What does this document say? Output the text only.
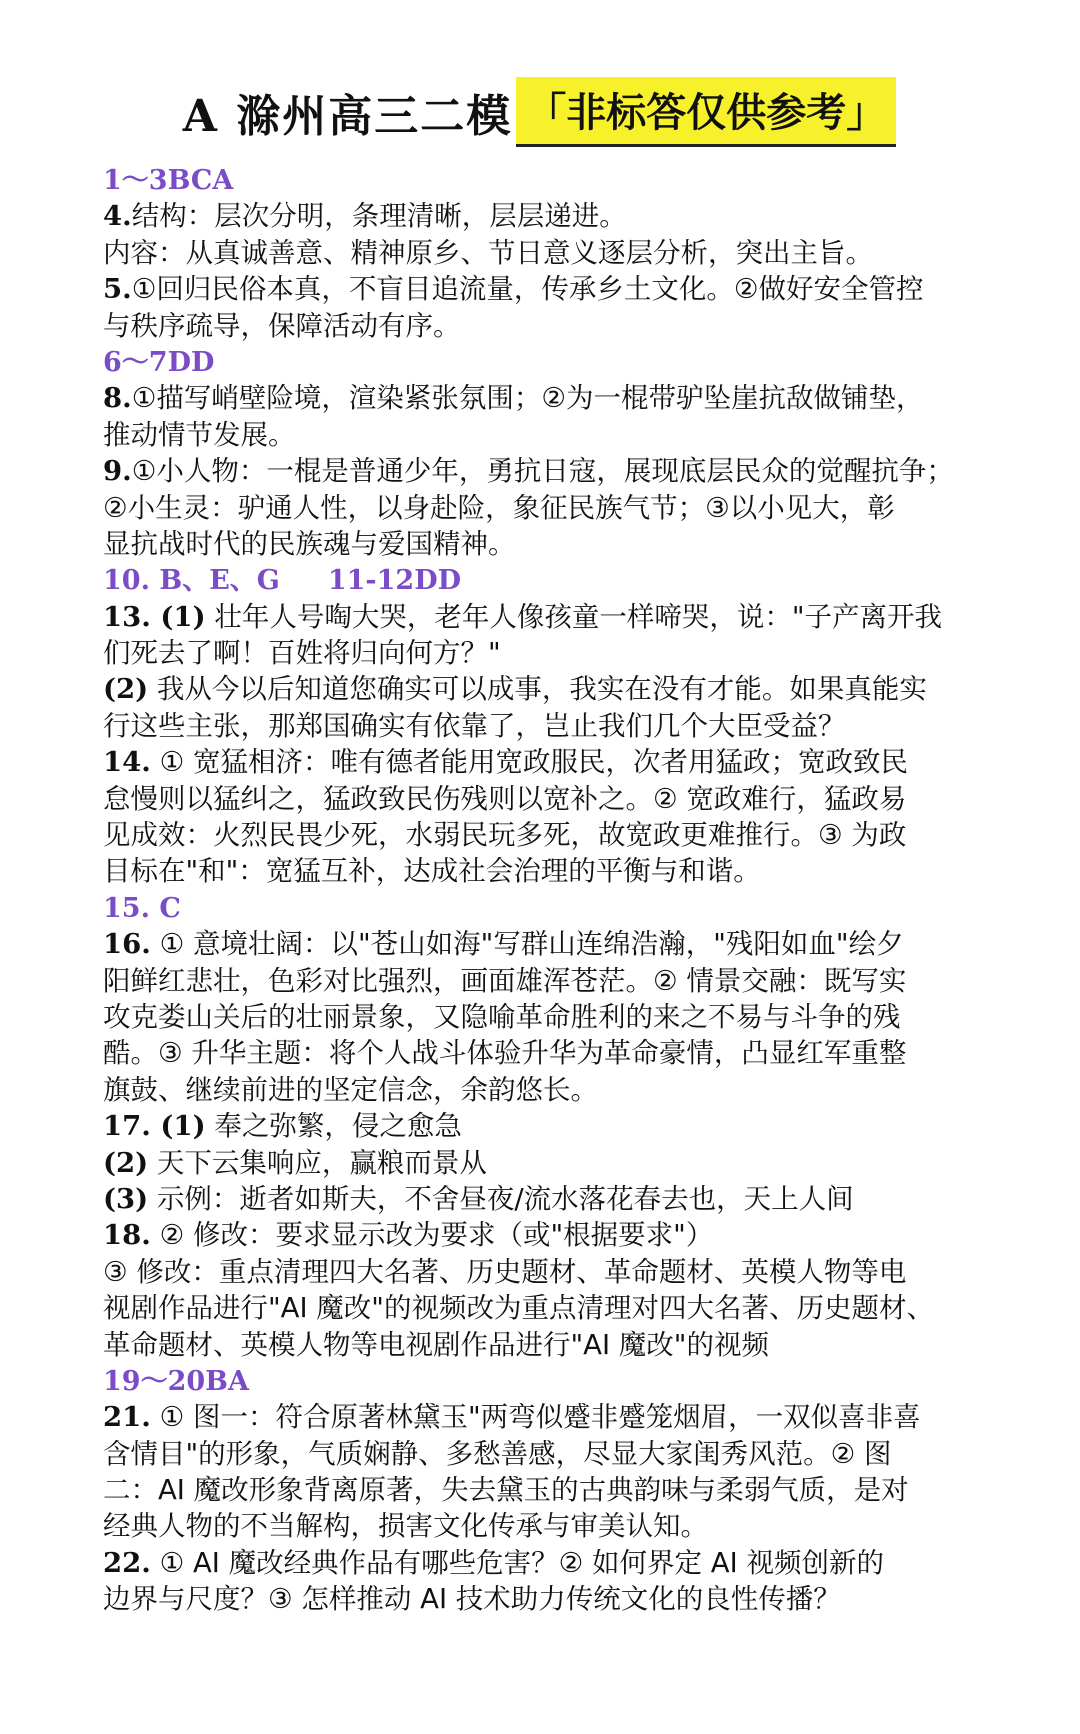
A 滁州高三二模 「非标答仅供参考」
1～3BCA
4.结构：层次分明，条理清晰，层层递进。
内容：从真诚善意、精神原乡、节日意义逐层分析，突出主旨。
5.①回归民俗本真，不盲目追流量，传承乡土文化。②做好安全管控
与秩序疏导，保障活动有序。
6～7DD
8.①描写峭壁险境，渲染紧张氛围；②为一棍带驴坠崖抗敌做铺垫，
推动情节发展。
9.①小人物：一棍是普通少年，勇抗日寇，展现底层民众的觉醒抗争；
②小生灵：驴通人性，以身赴险，象征民族气节；③以小见大，彰
显抗战时代的民族魂与爱国精神。
10. B、E、G 11-12DD
13. (1) 壮年人号啕大哭，老年人像孩童一样啼哭，说："子产离开我
们死去了啊！百姓将归向何方？"
(2) 我从今以后知道您确实可以成事，我实在没有才能。如果真能实
行这些主张，那郑国确实有依靠了，岂止我们几个大臣受益？
14. ① 宽猛相济：唯有德者能用宽政服民，次者用猛政；宽政致民
怠慢则以猛纠之，猛政致民伤残则以宽补之。② 宽政难行，猛政易
见成效：火烈民畏少死，水弱民玩多死，故宽政更难推行。③ 为政
目标在"和"：宽猛互补，达成社会治理的平衡与和谐。
15. C
16. ① 意境壮阔：以"苍山如海"写群山连绵浩瀚，"残阳如血"绘夕
阳鲜红悲壮，色彩对比强烈，画面雄浑苍茫。② 情景交融：既写实
攻克娄山关后的壮丽景象，又隐喻革命胜利的来之不易与斗争的残
酷。③ 升华主题：将个人战斗体验升华为革命豪情，凸显红军重整
旗鼓、继续前进的坚定信念，余韵悠长。
17. (1) 奉之弥繁，侵之愈急
(2) 天下云集响应，赢粮而景从
(3) 示例：逝者如斯夫，不舍昼夜/流水落花春去也，天上人间
18. ② 修改：要求显示改为要求（或"根据要求"）
③ 修改：重点清理四大名著、历史题材、革命题材、英模人物等电
视剧作品进行"AI 魔改"的视频改为重点清理对四大名著、历史题材、
革命题材、英模人物等电视剧作品进行"AI 魔改"的视频
19～20BA
21. ① 图一：符合原著林黛玉"两弯似蹙非蹙笼烟眉，一双似喜非喜
含情目"的形象，气质娴静、多愁善感，尽显大家闺秀风范。② 图
二：AI 魔改形象背离原著，失去黛玉的古典韵味与柔弱气质，是对
经典人物的不当解构，损害文化传承与审美认知。
22. ① AI 魔改经典作品有哪些危害？② 如何界定 AI 视频创新的
边界与尺度？③ 怎样推动 AI 技术助力传统文化的良性传播？
